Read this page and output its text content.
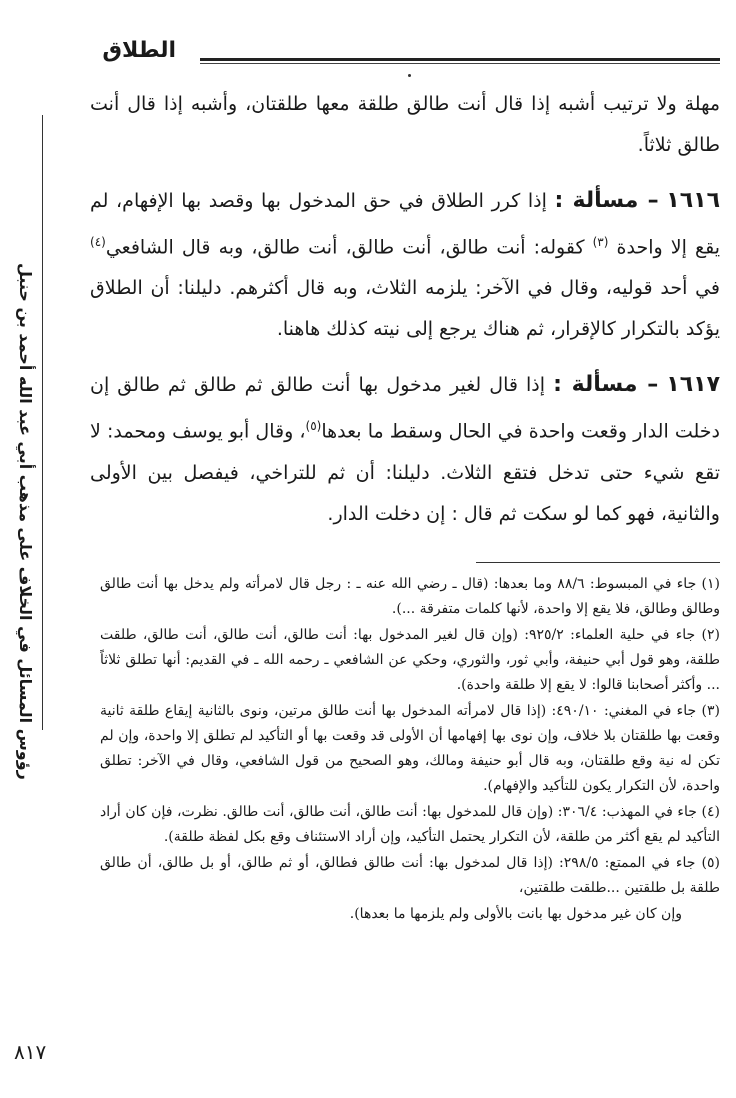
الطلاق
رؤوس المسائل في الخلاف على مذهب أبي عبد الله أحمد بن حنبل

مهلة ولا ترتيب أشبه إذا قال أنت طالق طلقة معها طلقتان، وأشبه إذا قال أنت طالق ثلاثاً.

١٦١٦ – مسألة : إذا كرر الطلاق في حق المدخول بها وقصد بها الإفهام، لم يقع إلا واحدة $^{(٣)}$ كقوله: أنت طالق، أنت طالق، أنت طالق، وبه قال الشافعي$^{(٤)}$ في أحد قوليه، وقال في الآخر: يلزمه الثلاث، وبه قال أكثرهم. دليلنا: أن الطلاق يؤكد بالتكرار كالإقرار، ثم هناك يرجع إلى نيته كذلك هاهنا.

١٦١٧ – مسألة : إذا قال لغير مدخول بها أنت طالق ثم طالق ثم طالق إن دخلت الدار وقعت واحدة في الحال وسقط ما بعدها$^{(٥)}$، وقال أبو يوسف ومحمد: لا تقع شيء حتى تدخل فتقع الثلاث. دليلنا: أن ثم للتراخي، فيفصل بين الأولى والثانية، فهو كما لو سكت ثم قال : إن دخلت الدار.

(١) جاء في المبسوط: ٨٨/٦ وما بعدها: (قال ـ رضي الله عنه ـ : رجل قال لامرأته ولم يدخل بها أنت طالق وطالق وطالق، فلا يقع إلا واحدة، لأنها كلمات متفرقة ...).

(٢) جاء في حلية العلماء: ٩٢٥/٢: (وإن قال لغير المدخول بها: أنت طالق، أنت طالق، أنت طالق، طلقت طلقة، وهو قول أبي حنيفة، وأبي ثور، والثوري، وحكي عن الشافعي ـ رحمه الله ـ في القديم: أنها تطلق ثلاثاً ... وأكثر أصحابنا قالوا: لا يقع إلا طلقة واحدة).

(٣) جاء في المغني: ٤٩٠/١٠: (إذا قال لامرأته المدخول بها أنت طالق مرتين، ونوى بالثانية إيقاع طلقة ثانية وقعت بها طلقتان بلا خلاف، وإن نوى بها إفهامها أن الأولى قد وقعت بها أو التأكيد لم تطلق إلا واحدة، وإن لم تكن له نية وقع طلقتان، وبه قال أبو حنيفة ومالك، وهو الصحيح من قول الشافعي، وقال في الآخر: تطلق واحدة، لأن التكرار يكون للتأكيد والإفهام).

(٤) جاء في المهذب: ٣٠٦/٤: (وإن قال للمدخول بها: أنت طالق، أنت طالق، أنت طالق. نظرت، فإن كان أراد التأكيد لم يقع أكثر من طلقة، لأن التكرار يحتمل التأكيد، وإن أراد الاستئناف وقع بكل لفظة طلقة).

(٥) جاء في الممتع: ٢٩٨/٥: (إذا قال لمدخول بها: أنت طالق فطالق، أو ثم طالق، أو بل طالق، أن طالق طلقة بل طلقتين ...طلقت طلقتين،

وإن كان غير مدخول بها بانت بالأولى ولم يلزمها ما بعدها).

٨١٧
